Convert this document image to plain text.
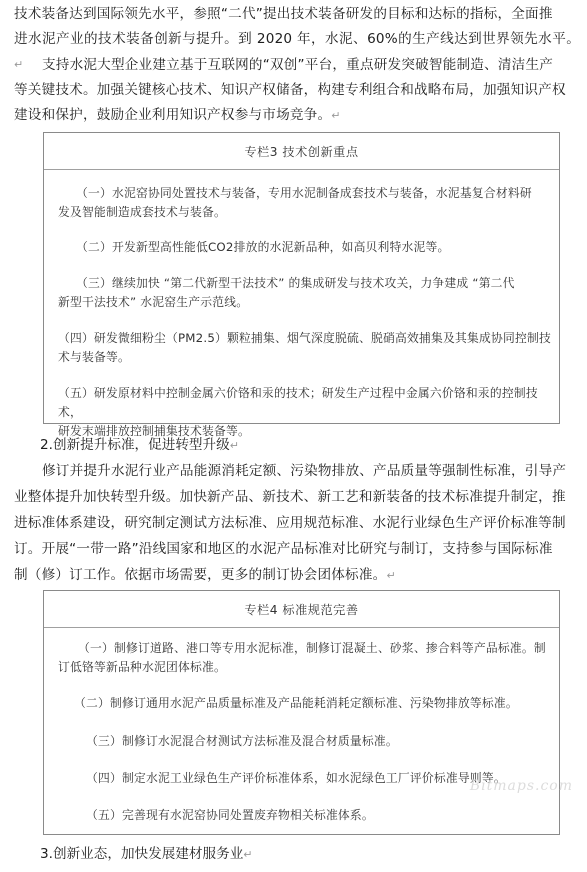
技术装备达到国际领先水平，参照“二代”提出技术装备研发的目标和达标的指标，全面推
进水泥产业的技术装备创新与提升。到 2020 年，水泥、60%的生产线达到世界领先水平。↵	支持水泥大型企业建立基于互联网的“双创”平台，重点研发突破智能制造、清洁生产
等关键技术。加强关键核心技术、知识产权储备，构建专利组合和战略布局，加强知识产权
建设和保护，鼓励企业利用知识产权参与市场竞争。↵
专栏3 技术创新重点
（一）水泥窑协同处置技术与装备，专用水泥制备成套技术与装备，水泥基复合材料研
发及智能制造成套技术与装备。
（二）开发新型高性能低CO2排放的水泥新品种，如高贝利特水泥等。
（三）继续加快 “第二代新型干法技术” 的集成研发与技术攻关，力争建成 “第二代
新型干法技术” 水泥窑生产示范线。
（四）研发微细粉尘（PM2.5）颗粒捕集、烟气深度脱硫、脱硝高效捕集及其集成协同控制技
术与装备等。
（五）研发原材料中控制金属六价铬和汞的技术；研发生产过程中金属六价铬和汞的控制技术，
研发末端排放控制捕集技术装备等。
2.创新提升标准，促进转型升级↵
修订并提升水泥行业产品能源消耗定额、污染物排放、产品质量等强制性标准，引导产
业整体提升加快转型升级。加快新产品、新技术、新工艺和新装备的技术标准提升制定，推
进标准体系建设，研究制定测试方法标准、应用规范标准、水泥行业绿色生产评价标准等制
订。开展“一带一路”沿线国家和地区的水泥产品标准对比研究与制订，支持参与国际标准
制（修）订工作。依据市场需要，更多的制订协会团体标准。↵
专栏4 标准规范完善
（一）制修订道路、港口等专用水泥标准，制修订混凝土、砂浆、掺合料等产品标准。制
订低铬等新品种水泥团体标准。
（二）制修订通用水泥产品质量标准及产品能耗消耗定额标准、污染物排放等标准。
（三）制修订水泥混合材测试方法标准及混合材质量标准。
（四）制定水泥工业绿色生产评价标准体系，如水泥绿色工厂评价标准导则等。
（五）完善现有水泥窑协同处置废弃物相关标准体系。
3.创新业态，加快发展建材服务业↵
Bitmaps.com
